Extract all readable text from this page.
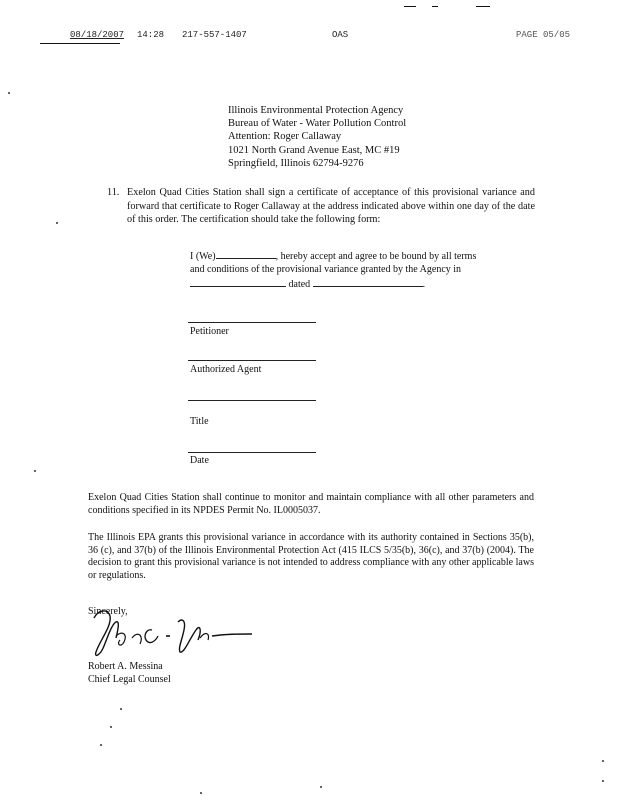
08/18/2007 14:28 217-557-1407	OAS	PAGE 05/05
Illinois Environmental Protection Agency
Bureau of Water - Water Pollution Control
Attention: Roger Callaway
1021 North Grand Avenue East, MC #19
Springfield, Illinois 62794-9276
11. Exelon Quad Cities Station shall sign a certificate of acceptance of this provisional variance and forward that certificate to Roger Callaway at the address indicated above within one day of the date of this order. The certification should take the following form:
I (We)	, hereby accept and agree to be bound by all terms
and conditions of the provisional variance granted by the Agency in
dated	.
Petitioner
Authorized Agent
Title
Date
Exelon Quad Cities Station shall continue to monitor and maintain compliance with all other parameters and conditions specified in its NPDES Permit No. IL0005037.
The Illinois EPA grants this provisional variance in accordance with its authority contained in Sections 35(b), 36 (c), and 37(b) of the Illinois Environmental Protection Act (415 ILCS 5/35(b), 36(c), and 37(b) (2004). The decision to grant this provisional variance is not intended to address compliance with any other applicable laws or regulations.
Sincerely,
Robert A. Messina
Chief Legal Counsel
